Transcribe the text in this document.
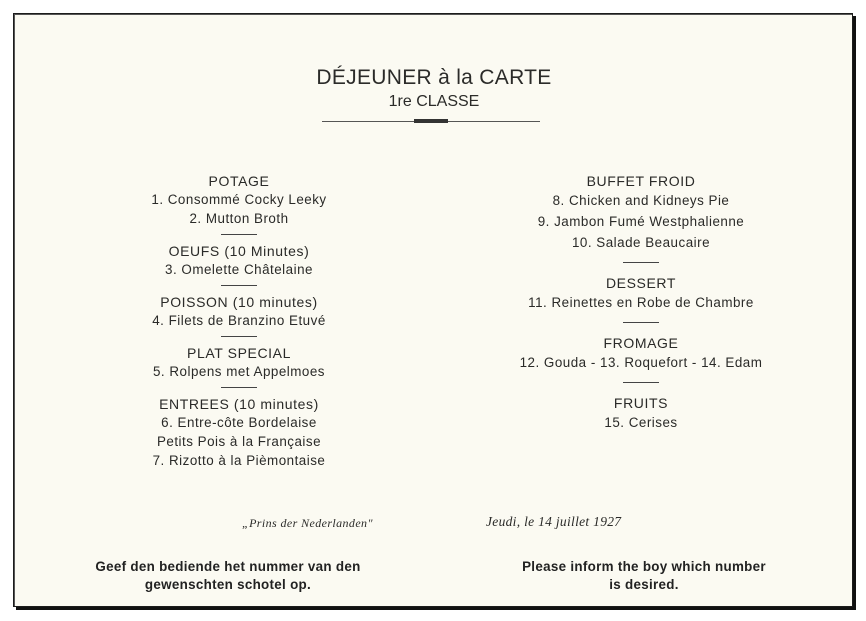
DÉJEUNER à la CARTE
1re CLASSE
POTAGE
1. Consommé Cocky Leeky
2. Mutton Broth
OEUFS (10 Minutes)
3. Omelette Châtelaine
POISSON (10 minutes)
4. Filets de Branzino Etuvé
PLAT SPECIAL
5. Rolpens met Appelmoes
ENTREES (10 minutes)
6. Entre-côte Bordelaise
Petits Pois à la Française
7. Rizotto à la Pièmontaise
BUFFET FROID
8. Chicken and Kidneys Pie
9. Jambon Fumé Westphalienne
10. Salade Beaucaire
DESSERT
11. Reinettes en Robe de Chambre
FROMAGE
12. Gouda - 13. Roquefort - 14. Edam
FRUITS
15. Cerises
„Prins der Nederlanden"	Jeudi, le 14 juillet 1927
Geef den bediende het nummer van den
gewenschten schotel op.
Please inform the boy which number
is desired.
